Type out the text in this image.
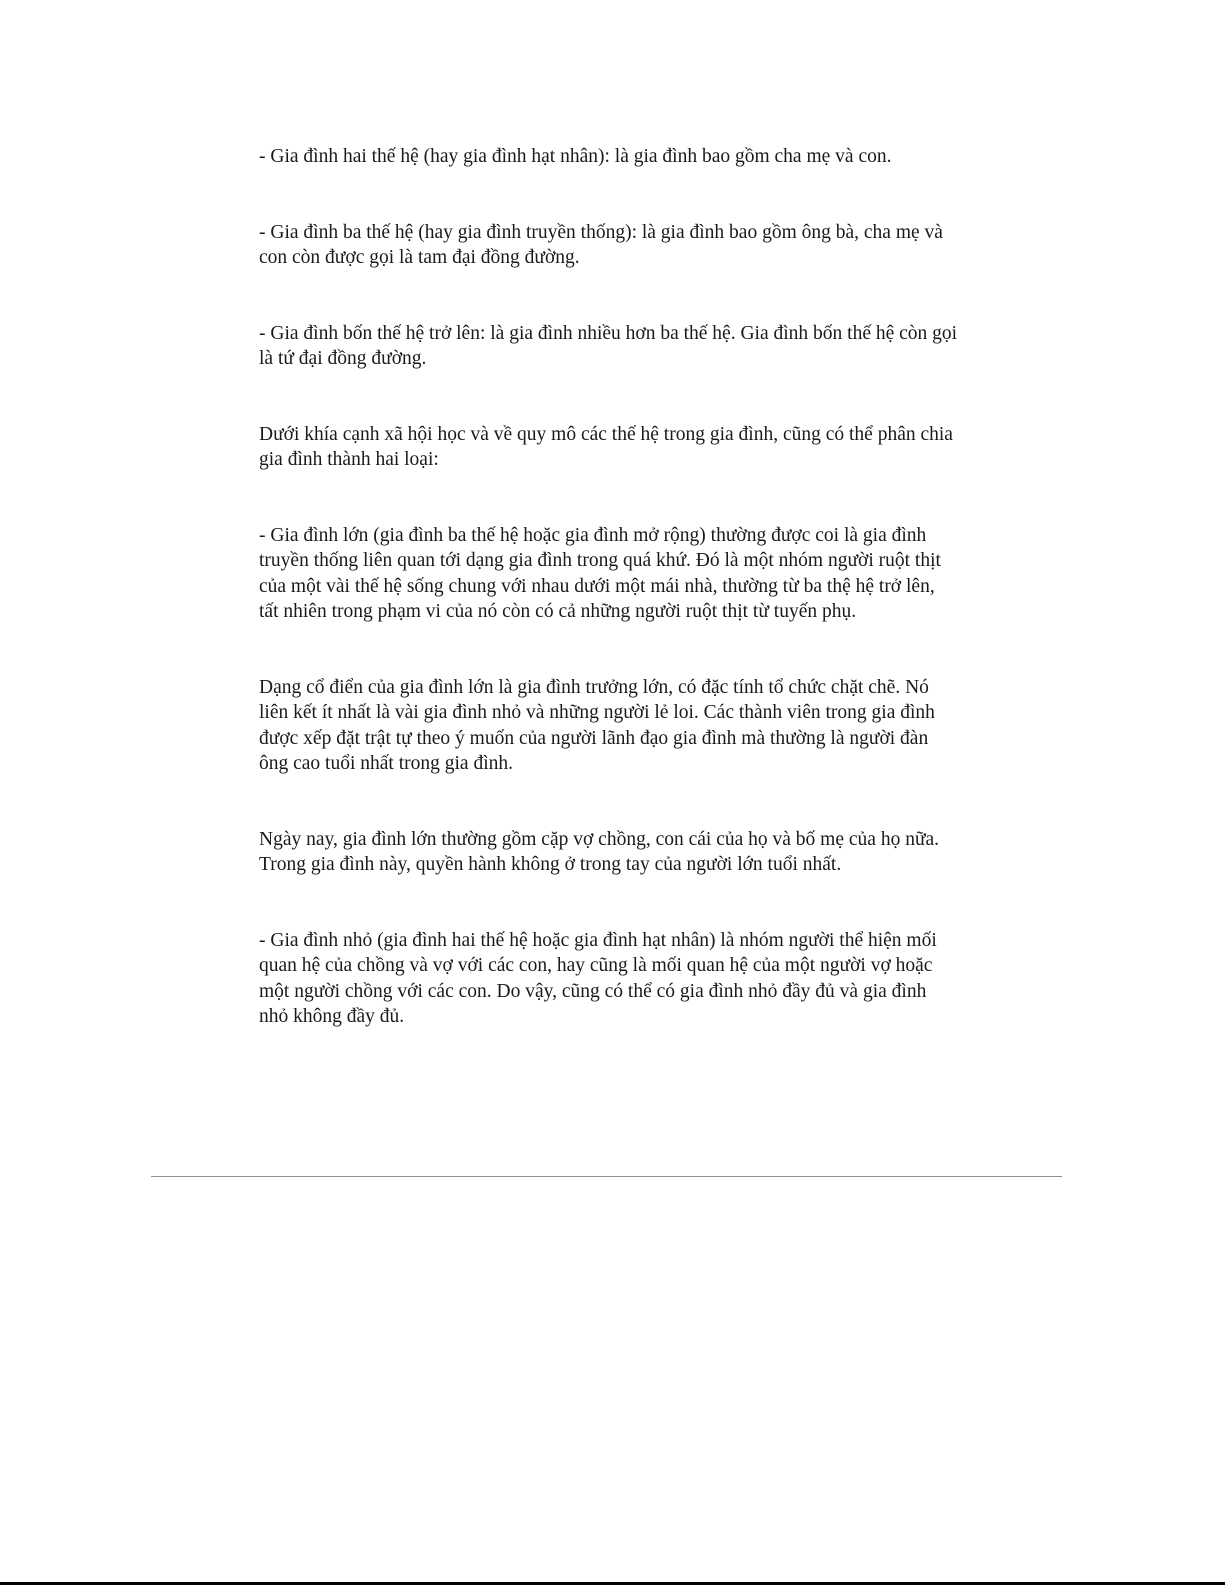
- Gia đình hai thế hệ (hay gia đình hạt nhân): là gia đình bao gồm cha mẹ và con.

- Gia đình ba thế hệ (hay gia đình truyền thống): là gia đình bao gồm ông bà, cha mẹ và con còn được gọi là tam đại đồng đường.

- Gia đình bốn thế hệ trở lên: là gia đình nhiều hơn ba thế hệ. Gia đình bốn thế hệ còn gọi là tứ đại đồng đường.

Dưới khía cạnh xã hội học và về quy mô các thế hệ trong gia đình, cũng có thể phân chia gia đình thành hai loại:

- Gia đình lớn (gia đình ba thế hệ hoặc gia đình mở rộng) thường được coi là gia đình truyền thống liên quan tới dạng gia đình trong quá khứ. Đó là một nhóm người ruột thịt của một vài thế hệ sống chung với nhau dưới một mái nhà, thường từ ba thệ hệ trở lên, tất nhiên trong phạm vi của nó còn có cả những người ruột thịt từ tuyến phụ.

Dạng cổ điển của gia đình lớn là gia đình trưởng lớn, có đặc tính tổ chức chặt chẽ. Nó liên kết ít nhất là vài gia đình nhỏ và những người lẻ loi. Các thành viên trong gia đình được xếp đặt trật tự theo ý muốn của người lãnh đạo gia đình mà thường là người đàn ông cao tuổi nhất trong gia đình.

Ngày nay, gia đình lớn thường gồm cặp vợ chồng, con cái của họ và bố mẹ của họ nữa. Trong gia đình này, quyền hành không ở trong tay của người lớn tuổi nhất.

- Gia đình nhỏ (gia đình hai thế hệ hoặc gia đình hạt nhân) là nhóm người thể hiện mối quan hệ của chồng và vợ với các con, hay cũng là mối quan hệ của một người vợ hoặc một người chồng với các con. Do vậy, cũng có thể có gia đình nhỏ đầy đủ và gia đình nhỏ không đầy đủ.
